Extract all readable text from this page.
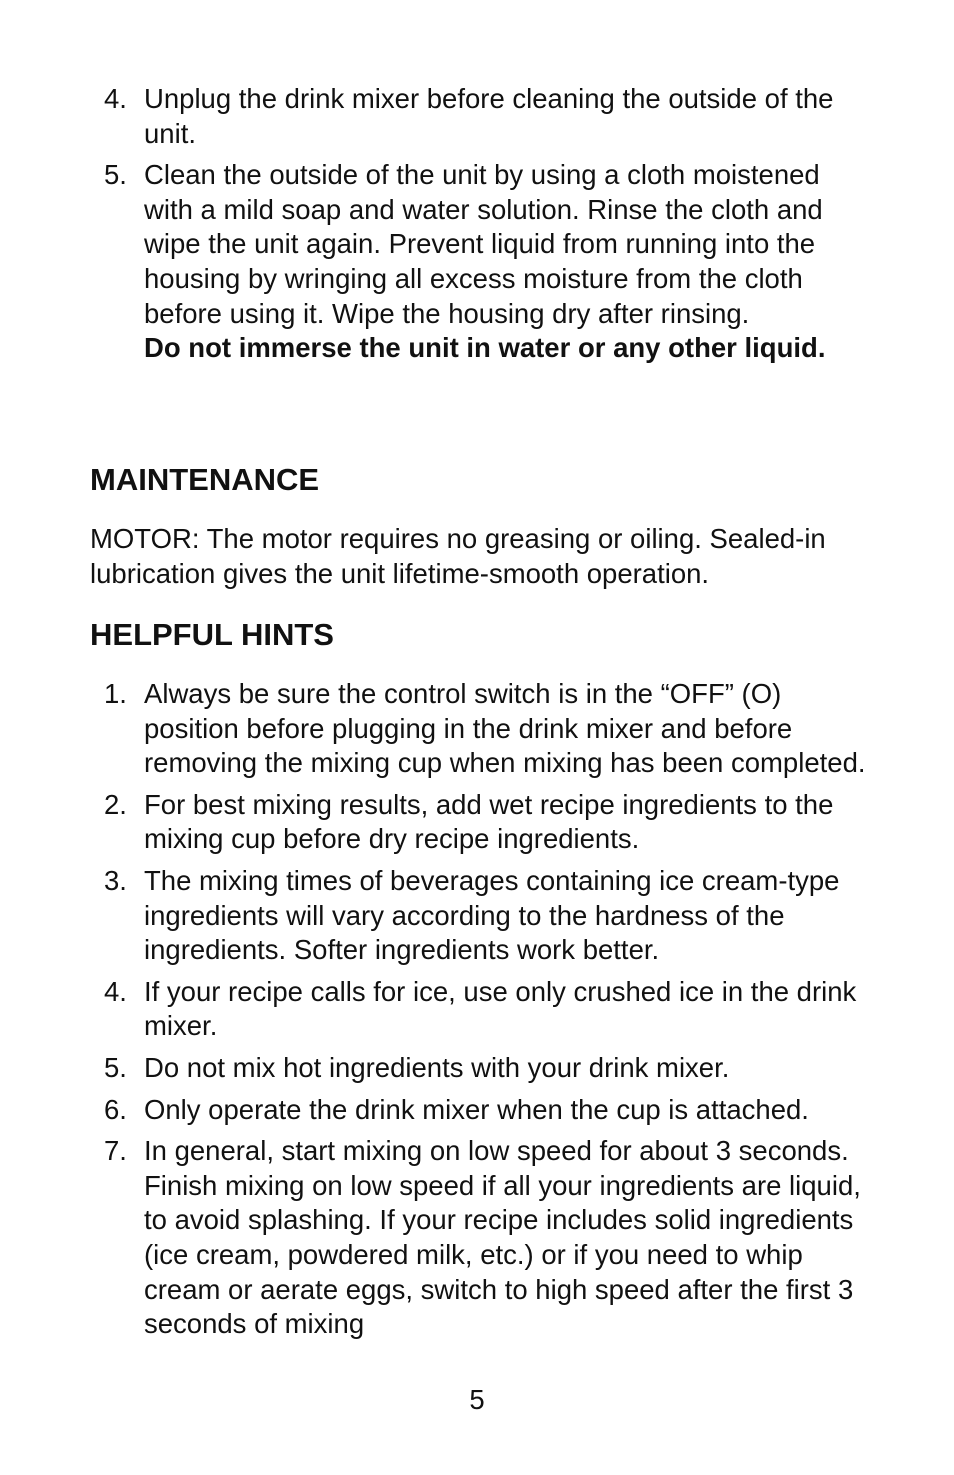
4. Unplug the drink mixer before cleaning the outside of the unit.
5. Clean the outside of the unit by using a cloth moistened with a mild soap and water solution. Rinse the cloth and wipe the unit again. Prevent liquid from running into the housing by wringing all excess moisture from the cloth before using it. Wipe the housing dry after rinsing.
Do not immerse the unit in water or any other liquid.
MAINTENANCE

MOTOR: The motor requires no greasing or oiling. Sealed-in lubrication gives the unit lifetime-smooth operation.

HELPFUL HINTS
1. Always be sure the control switch is in the “OFF” (O) position before plugging in the drink mixer and before removing the mixing cup when mixing has been completed.
2. For best mixing results, add wet recipe ingredients to the mixing cup before dry recipe ingredients.
3. The mixing times of beverages containing ice cream-type ingredients will vary according to the hardness of the ingredients. Softer ingredients work better.
4. If your recipe calls for ice, use only crushed ice in the drink mixer.
5. Do not mix hot ingredients with your drink mixer.
6. Only operate the drink mixer when the cup is attached.
7. In general, start mixing on low speed for about 3 seconds. Finish mixing on low speed if all your ingredients are liquid, to avoid splashing. If your recipe includes solid ingredients (ice cream, powdered milk, etc.) or if you need to whip cream or aerate eggs, switch to high speed after the first 3 seconds of mixing
5
